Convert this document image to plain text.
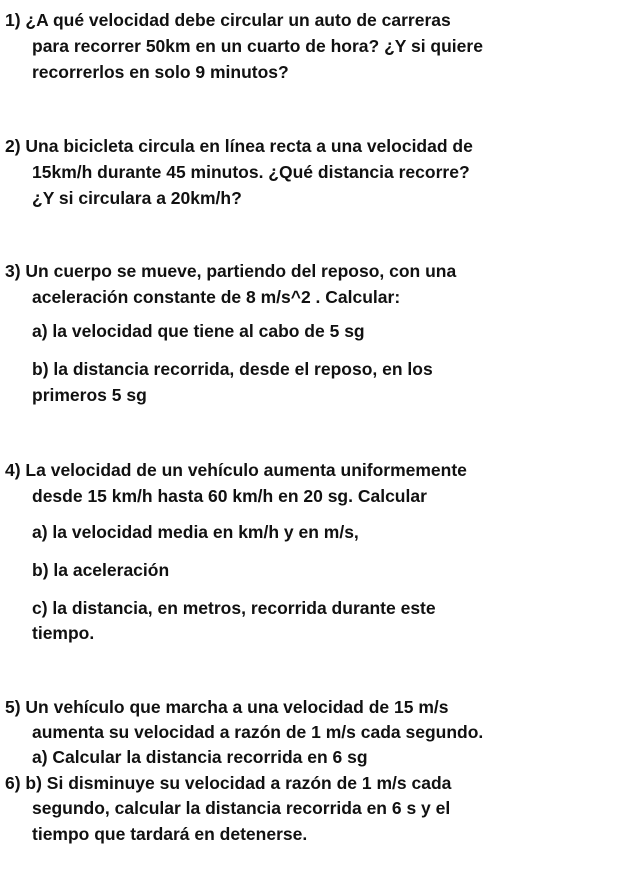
1) ¿A qué velocidad debe circular un auto de carreras
para recorrer 50km en un cuarto de hora? ¿Y si quiere
recorrerlos en solo 9 minutos?
2) Una bicicleta circula en línea recta a una velocidad de
15km/h durante 45 minutos. ¿Qué distancia recorre?
¿Y si circulara a 20km/h?
3) Un cuerpo se mueve, partiendo del reposo, con una
aceleración constante de 8 m/s^2 . Calcular:
a) la velocidad que tiene al cabo de 5 sg
b) la distancia recorrida, desde el reposo, en los
primeros 5 sg
4) La velocidad de un vehículo aumenta uniformemente
desde 15 km/h hasta 60 km/h en 20 sg. Calcular
a) la velocidad media en km/h y en m/s,
b) la aceleración
c) la distancia, en metros, recorrida durante este
tiempo.
5) Un vehículo que marcha a una velocidad de 15 m/s
aumenta su velocidad a razón de 1 m/s cada segundo.
a) Calcular la distancia recorrida en 6 sg
6) b) Si disminuye su velocidad a razón de 1 m/s cada
segundo, calcular la distancia recorrida en 6 s y el
tiempo que tardará en detenerse.
